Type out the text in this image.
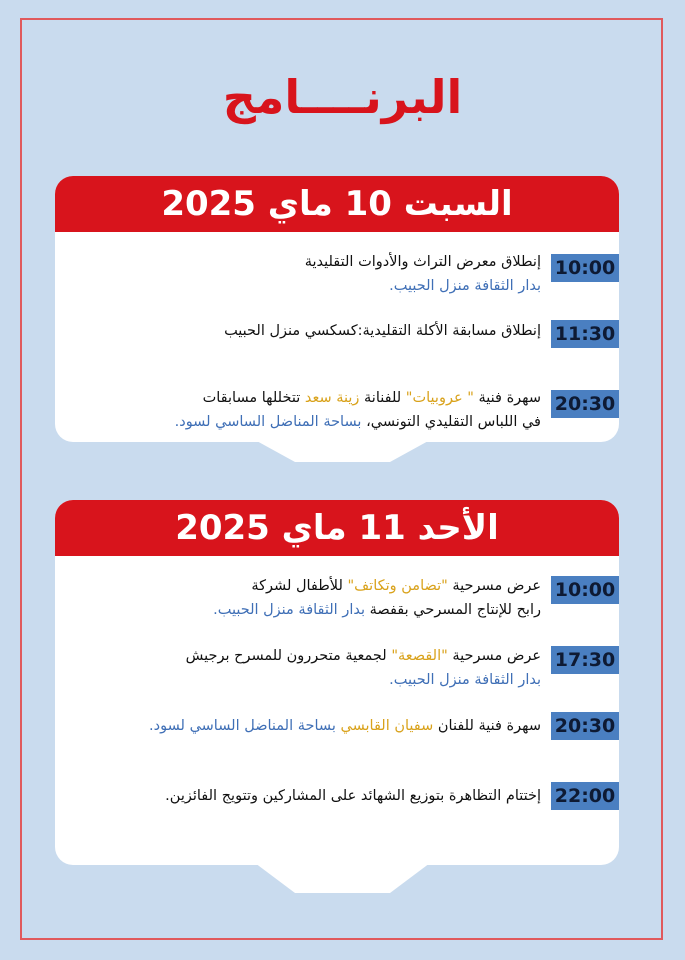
البرنــــامج
السبت 10 ماي 2025
10:00
إنطلاق معرض التراث والأدوات التقليدية
بدار الثقافة منزل الحبيب.
11:30
إنطلاق مسابقة الأكلة التقليدية:كسكسي منزل الحبيب
20:30
سهرة فنية " عروبيات" للفنانة زينة سعد تتخللها مسابقات
في اللباس التقليدي التونسي، بساحة المناضل الساسي لسود.
الأحد 11 ماي 2025
10:00
عرض مسرحية "تضامن وتكاتف" للأطفال لشركة
رابح للإنتاج المسرحي بقفصة بدار الثقافة منزل الحبيب.
17:30
عرض مسرحية "القصعة" لجمعية متحررون للمسرح برجيش
بدار الثقافة منزل الحبيب.
20:30
سهرة فنية للفنان سفيان القابسي بساحة المناضل الساسي لسود.
22:00
إختتام التظاهرة بتوزيع الشهائد على المشاركين وتتويج الفائزين.
